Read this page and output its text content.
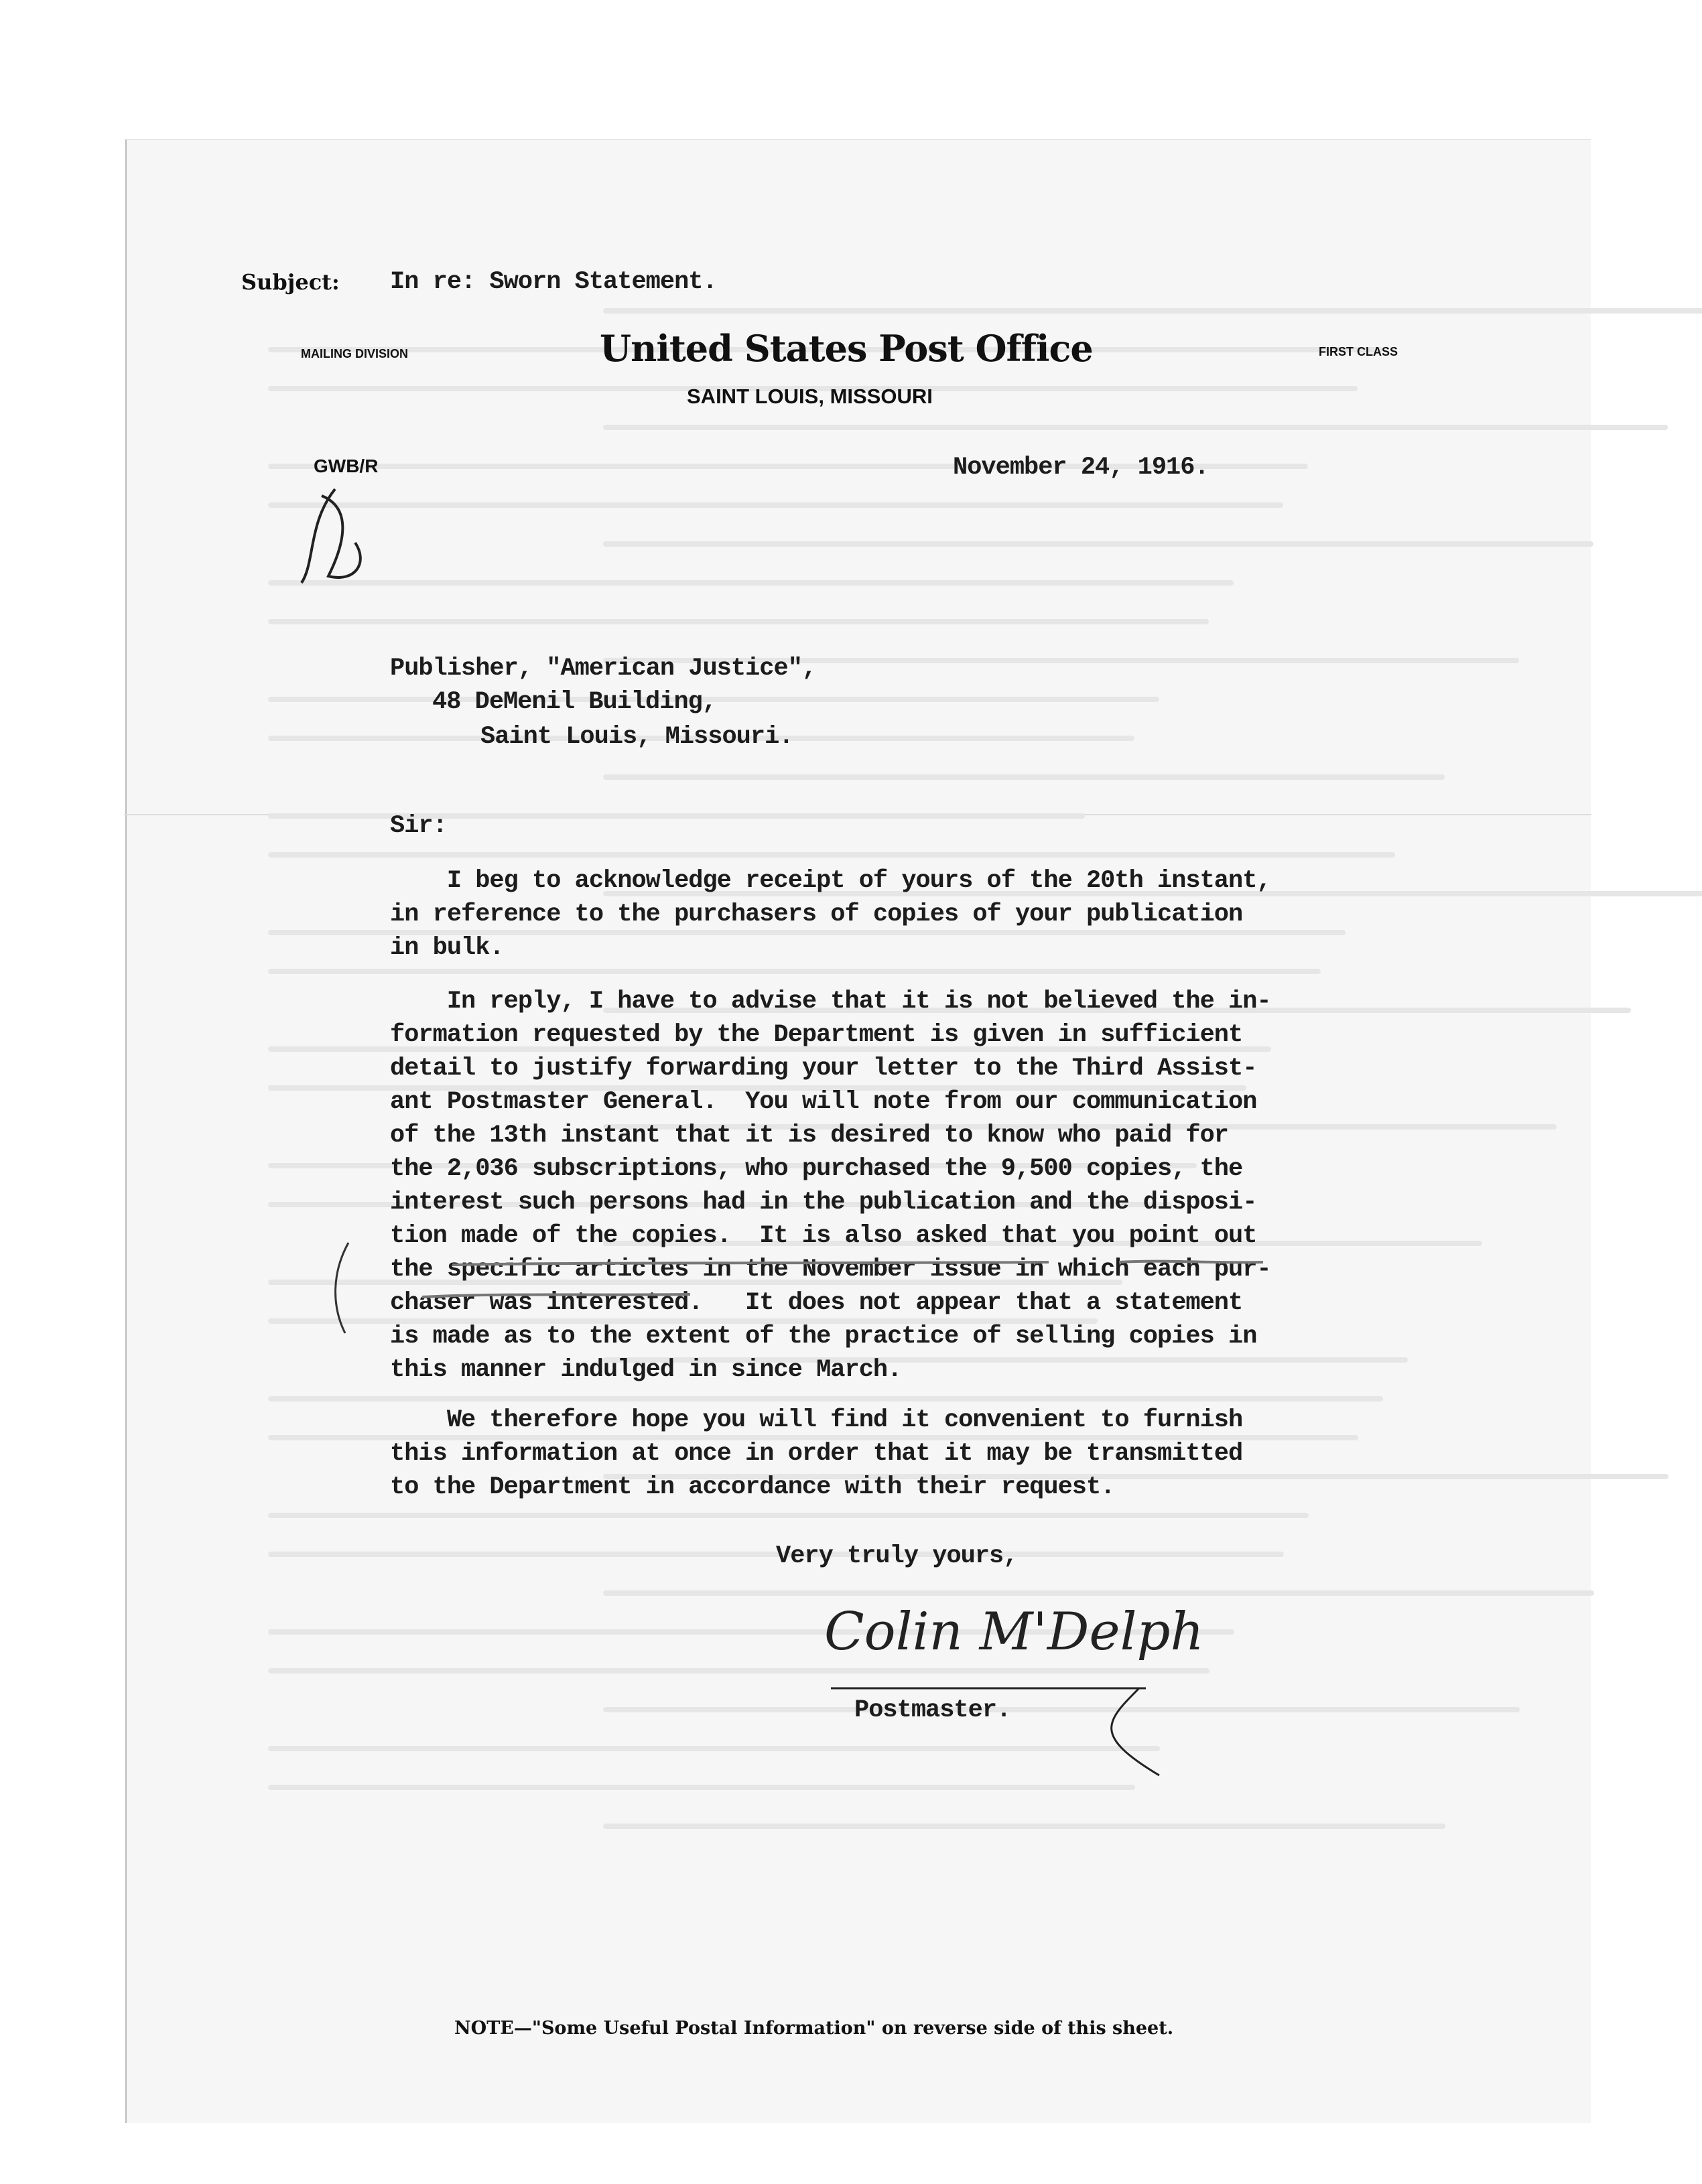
Subject: In re: Sworn Statement.
MAILING DIVISION	United States Post Office	FIRST CLASS
SAINT LOUIS, MISSOURI
GWB/R	November 24, 1916.
Publisher, "American Justice",
48 DeMenil Building,
Saint Louis, Missouri.
Sir:
I beg to acknowledge receipt of yours of the 20th instant,
in reference to the purchasers of copies of your publication
in bulk.
In reply, I have to advise that it is not believed the in-
formation requested by the Department is given in sufficient
detail to justify forwarding your letter to the Third Assist-
ant Postmaster General.  You will note from our communication
of the 13th instant that it is desired to know who paid for
the 2,036 subscriptions, who purchased the 9,500 copies, the
interest such persons had in the publication and the disposi-
tion made of the copies.  It is also asked that you point out
the specific articles in the November issue in which each pur-
chaser was interested.   It does not appear that a statement
is made as to the extent of the practice of selling copies in
this manner indulged in since March.
We therefore hope you will find it convenient to furnish
this information at once in order that it may be transmitted
to the Department in accordance with their request.
Very truly yours,
Colin M'Delph
Postmaster.
NOTE—"Some Useful Postal Information" on reverse side of this sheet.
